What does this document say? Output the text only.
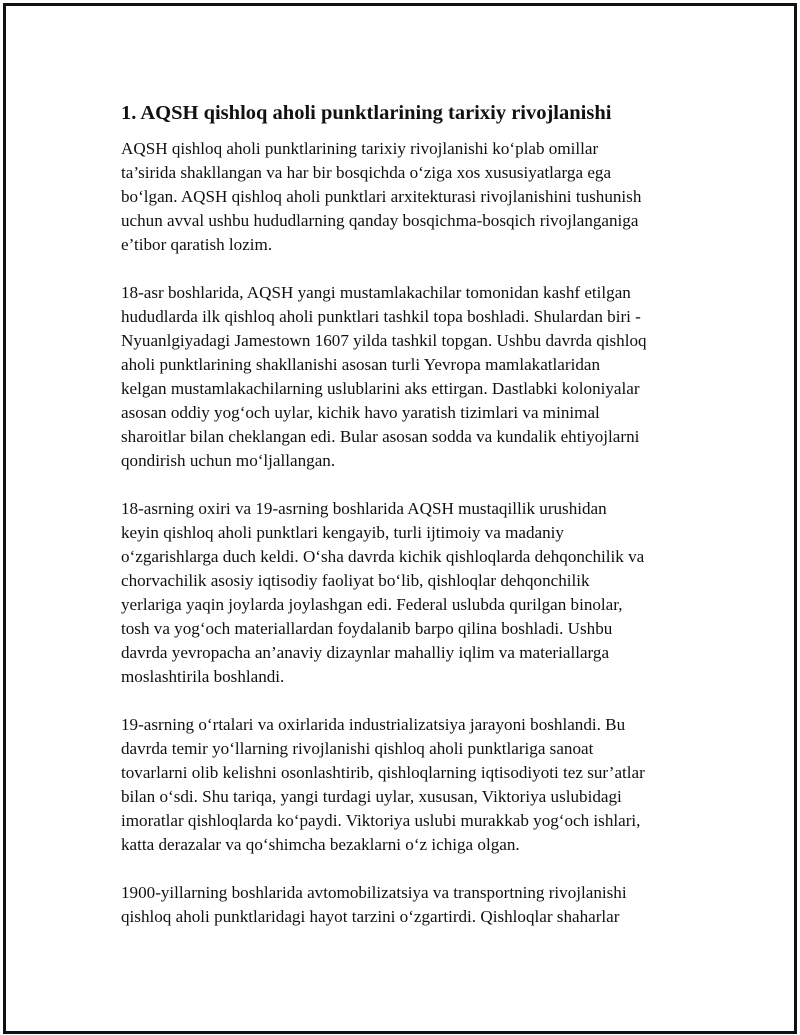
1. AQSH qishloq aholi punktlarining tarixiy rivojlanishi
AQSH qishloq aholi punktlarining tarixiy rivojlanishi ko‘plab omillar
ta’sirida shakllangan va har bir bosqichda o‘ziga xos xususiyatlarga ega
bo‘lgan. AQSH qishloq aholi punktlari arxitekturasi rivojlanishini tushunish
uchun avval ushbu hududlarning qanday bosqichma-bosqich rivojlanganiga
e’tibor qaratish lozim.
18-asr boshlarida, AQSH yangi mustamlakachilar tomonidan kashf etilgan
hududlarda ilk qishloq aholi punktlari tashkil topa boshladi. Shulardan biri -
Nyuanlgiyadagi Jamestown 1607 yilda tashkil topgan. Ushbu davrda qishloq
aholi punktlarining shakllanishi asosan turli Yevropa mamlakatlaridan
kelgan mustamlakachilarning uslublarini aks ettirgan. Dastlabki koloniyalar
asosan oddiy yog‘och uylar, kichik havo yaratish tizimlari va minimal
sharoitlar bilan cheklangan edi. Bular asosan sodda va kundalik ehtiyojlarni
qondirish uchun mo‘ljallangan.
18-asrning oxiri va 19-asrning boshlarida AQSH mustaqillik urushidan
keyin qishloq aholi punktlari kengayib, turli ijtimoiy va madaniy
o‘zgarishlarga duch keldi. O‘sha davrda kichik qishloqlarda dehqonchilik va
chorvachilik asosiy iqtisodiy faoliyat bo‘lib, qishloqlar dehqonchilik
yerlariga yaqin joylarda joylashgan edi. Federal uslubda qurilgan binolar,
tosh va yog‘och materiallardan foydalanib barpo qilina boshladi. Ushbu
davrda yevropacha an’anaviy dizaynlar mahalliy iqlim va materiallarga
moslashtirila boshlandi.
19-asrning o‘rtalari va oxirlarida industrializatsiya jarayoni boshlandi. Bu
davrda temir yo‘llarning rivojlanishi qishloq aholi punktlariga sanoat
tovarlarni olib kelishni osonlashtirib, qishloqlarning iqtisodiyoti tez sur’atlar
bilan o‘sdi. Shu tariqa, yangi turdagi uylar, xususan, Viktoriya uslubidagi
imoratlar qishloqlarda ko‘paydi. Viktoriya uslubi murakkab yog‘och ishlari,
katta derazalar va qo‘shimcha bezaklarni o‘z ichiga olgan.
1900-yillarning boshlarida avtomobilizatsiya va transportning rivojlanishi
qishloq aholi punktlaridagi hayot tarzini o‘zgartirdi. Qishloqlar shaharlar
